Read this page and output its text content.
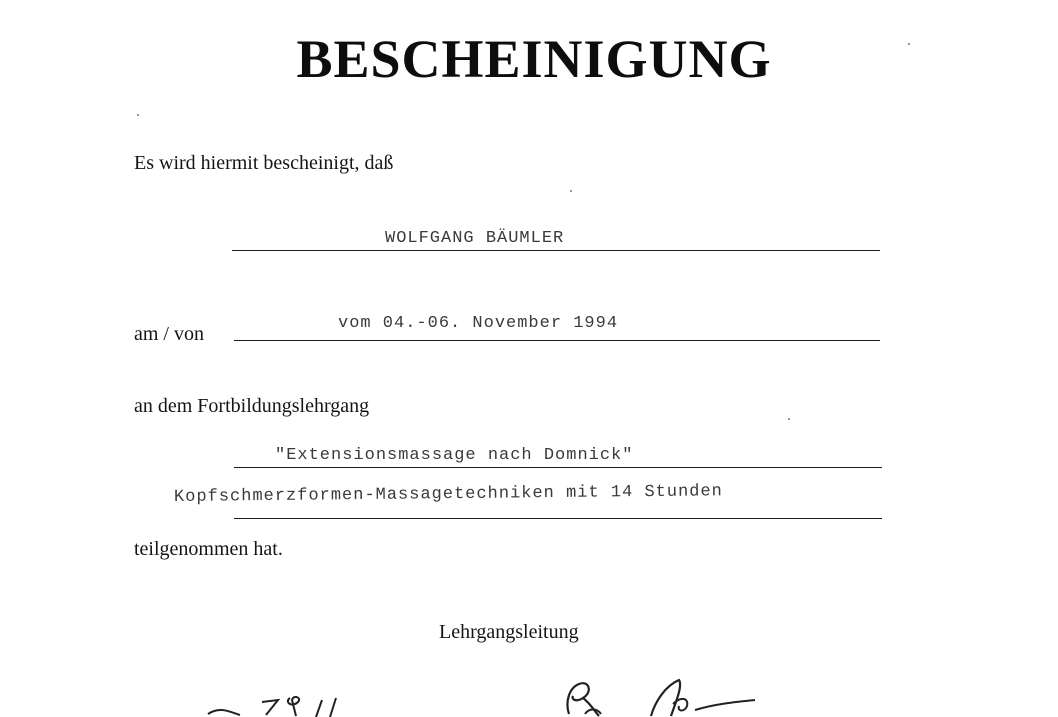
BESCHEINIGUNG
Es wird hiermit bescheinigt, daß
WOLFGANG BÄUMLER
am / von	vom 04.-06. November 1994
an dem Fortbildungslehrgang
"Extensionsmassage nach Domnick"
Kopfschmerzformen-Massagetechniken mit 14 Stunden
teilgenommen hat.
Lehrgangsleitung
